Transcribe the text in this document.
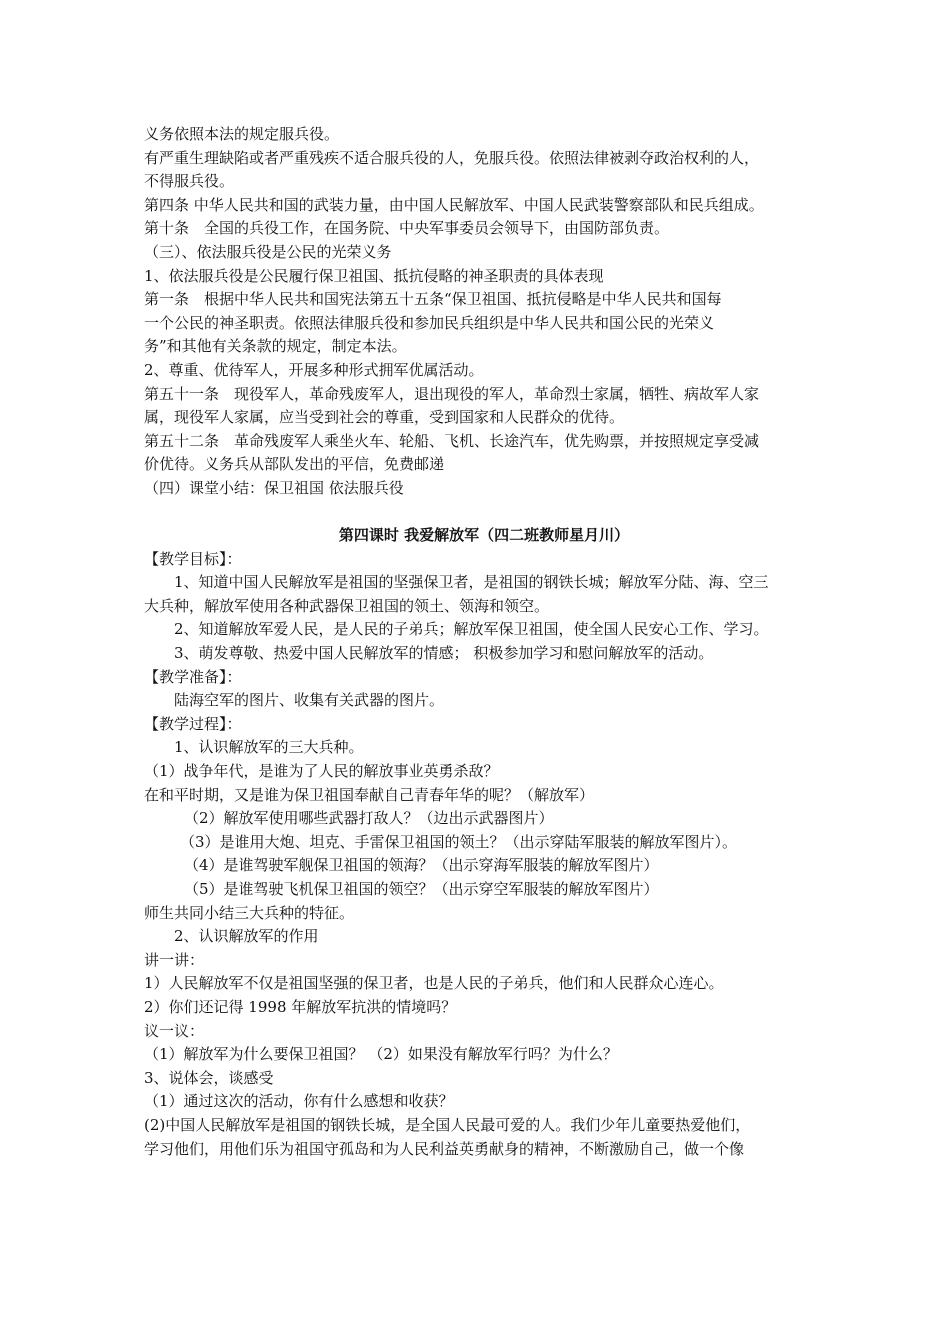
义务依照本法的规定服兵役。
有严重生理缺陷或者严重残疾不适合服兵役的人，免服兵役。依照法律被剥夺政治权利的人，
不得服兵役。
第四条 中华人民共和国的武装力量，由中国人民解放军、中国人民武装警察部队和民兵组成。
第十条　全国的兵役工作，在国务院、中央军事委员会领导下，由国防部负责。
（三）、依法服兵役是公民的光荣义务
1、依法服兵役是公民履行保卫祖国、抵抗侵略的神圣职责的具体表现
第一条　根据中华人民共和国宪法第五十五条“保卫祖国、抵抗侵略是中华人民共和国每
一个公民的神圣职责。依照法律服兵役和参加民兵组织是中华人民共和国公民的光荣义
务”和其他有关条款的规定，制定本法。
2、尊重、优待军人，开展多种形式拥军优属活动。
第五十一条　现役军人，革命残废军人，退出现役的军人，革命烈士家属，牺牲、病故军人家
属，现役军人家属，应当受到社会的尊重，受到国家和人民群众的优待。
第五十二条　革命残废军人乘坐火车、轮船、飞机、长途汽车，优先购票，并按照规定享受减
价优待。义务兵从部队发出的平信，免费邮递
（四）课堂小结：保卫祖国 依法服兵役
第四课时 我爱解放军（四二班教师星月川）
【教学目标】：
1、知道中国人民解放军是祖国的坚强保卫者，是祖国的钢铁长城；解放军分陆、海、空三
大兵种，解放军使用各种武器保卫祖国的领土、领海和领空。
2、知道解放军爱人民，是人民的子弟兵；解放军保卫祖国，使全国人民安心工作、学习。
3、萌发尊敬、热爱中国人民解放军的情感； 积极参加学习和慰问解放军的活动。
【教学准备】：
陆海空军的图片、收集有关武器的图片。
【教学过程】：
1、认识解放军的三大兵种。
（1）战争年代，是谁为了人民的解放事业英勇杀敌？
在和平时期，又是谁为保卫祖国奉献自己青春年华的呢？（解放军）
（2）解放军使用哪些武器打敌人？（边出示武器图片）
（3）是谁用大炮、坦克、手雷保卫祖国的领土？（出示穿陆军服装的解放军图片）。
（4）是谁驾驶军舰保卫祖国的领海？（出示穿海军服装的解放军图片）
（5）是谁驾驶飞机保卫祖国的领空？（出示穿空军服装的解放军图片）
师生共同小结三大兵种的特征。
2、认识解放军的作用
讲一讲：
1）人民解放军不仅是祖国坚强的保卫者，也是人民的子弟兵，他们和人民群众心连心。
2）你们还记得 1998 年解放军抗洪的情境吗？
议一议：
（1）解放军为什么要保卫祖国？ （2）如果没有解放军行吗？为什么？
3、说体会，谈感受
（1）通过这次的活动，你有什么感想和收获？
(2)中国人民解放军是祖国的钢铁长城，是全国人民最可爱的人。我们少年儿童要热爱他们，
学习他们，用他们乐为祖国守孤岛和为人民利益英勇献身的精神，不断激励自己，做一个像
